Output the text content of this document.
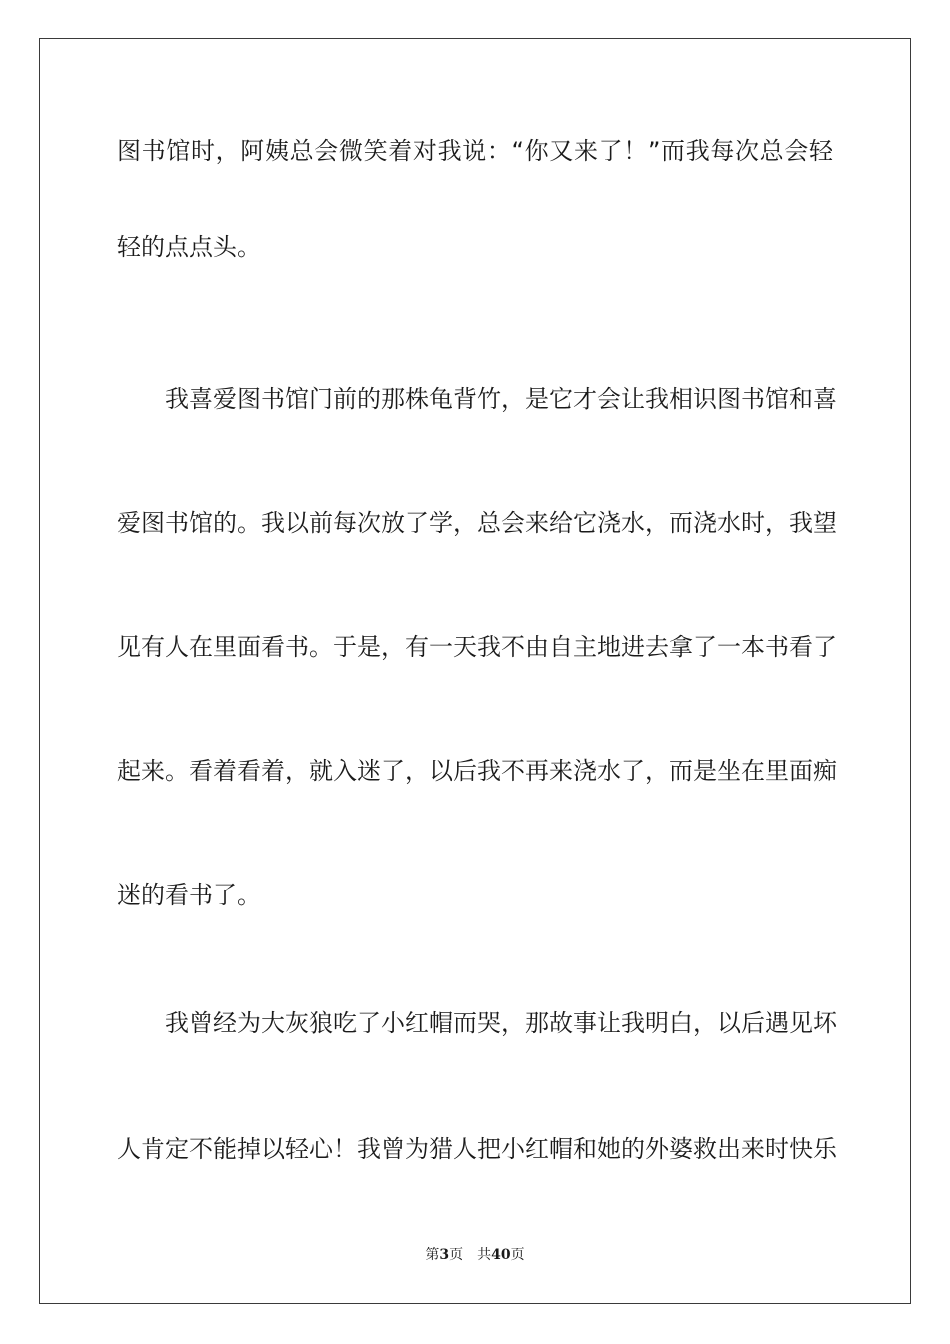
图书馆时，阿姨总会微笑着对我说：“你又来了！”而我每次总会轻
轻的点点头。
我喜爱图书馆门前的那株龟背竹，是它才会让我相识图书馆和喜
爱图书馆的。我以前每次放了学，总会来给它浇水，而浇水时，我望
见有人在里面看书。于是，有一天我不由自主地进去拿了一本书看了
起来。看着看着，就入迷了，以后我不再来浇水了，而是坐在里面痴
迷的看书了。
我曾经为大灰狼吃了小红帽而哭，那故事让我明白，以后遇见坏
人肯定不能掉以轻心！我曾为猎人把小红帽和她的外婆救出来时快乐
第3页 共40页
